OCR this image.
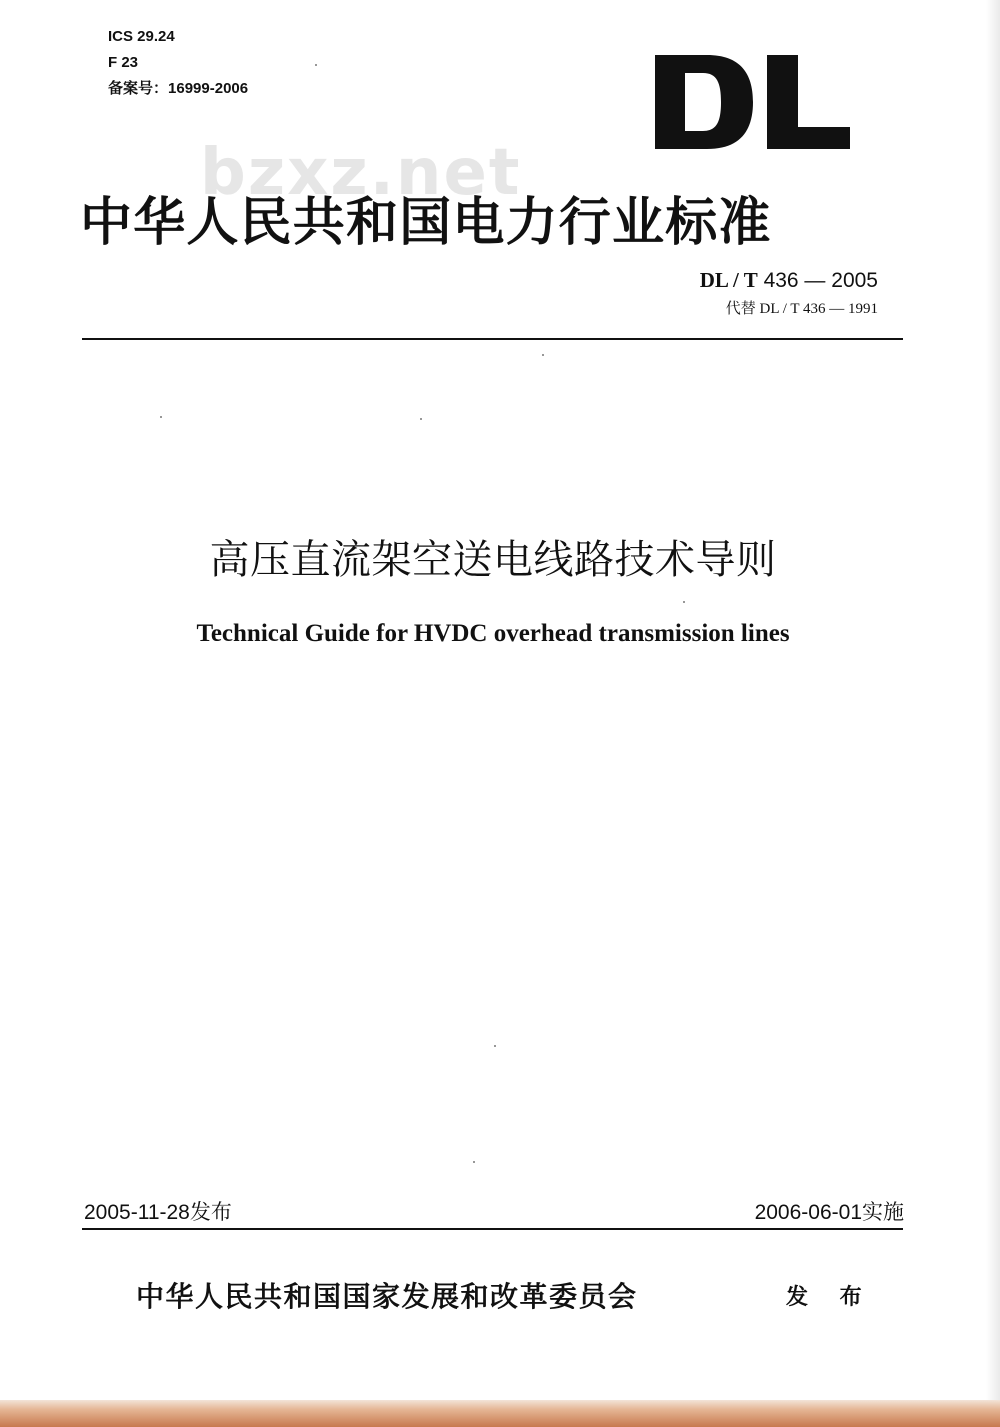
ICS 29.24
F 23
备案号：16999-2006
bzxz.net
中华人民共和国电力行业标准
DL / T 436 — 2005
代替 DL / T 436 — 1991
高压直流架空送电线路技术导则
Technical Guide for HVDC overhead transmission lines
2005-11-28发布	2006-06-01实施
中华人民共和国国家发展和改革委员会	发 布
